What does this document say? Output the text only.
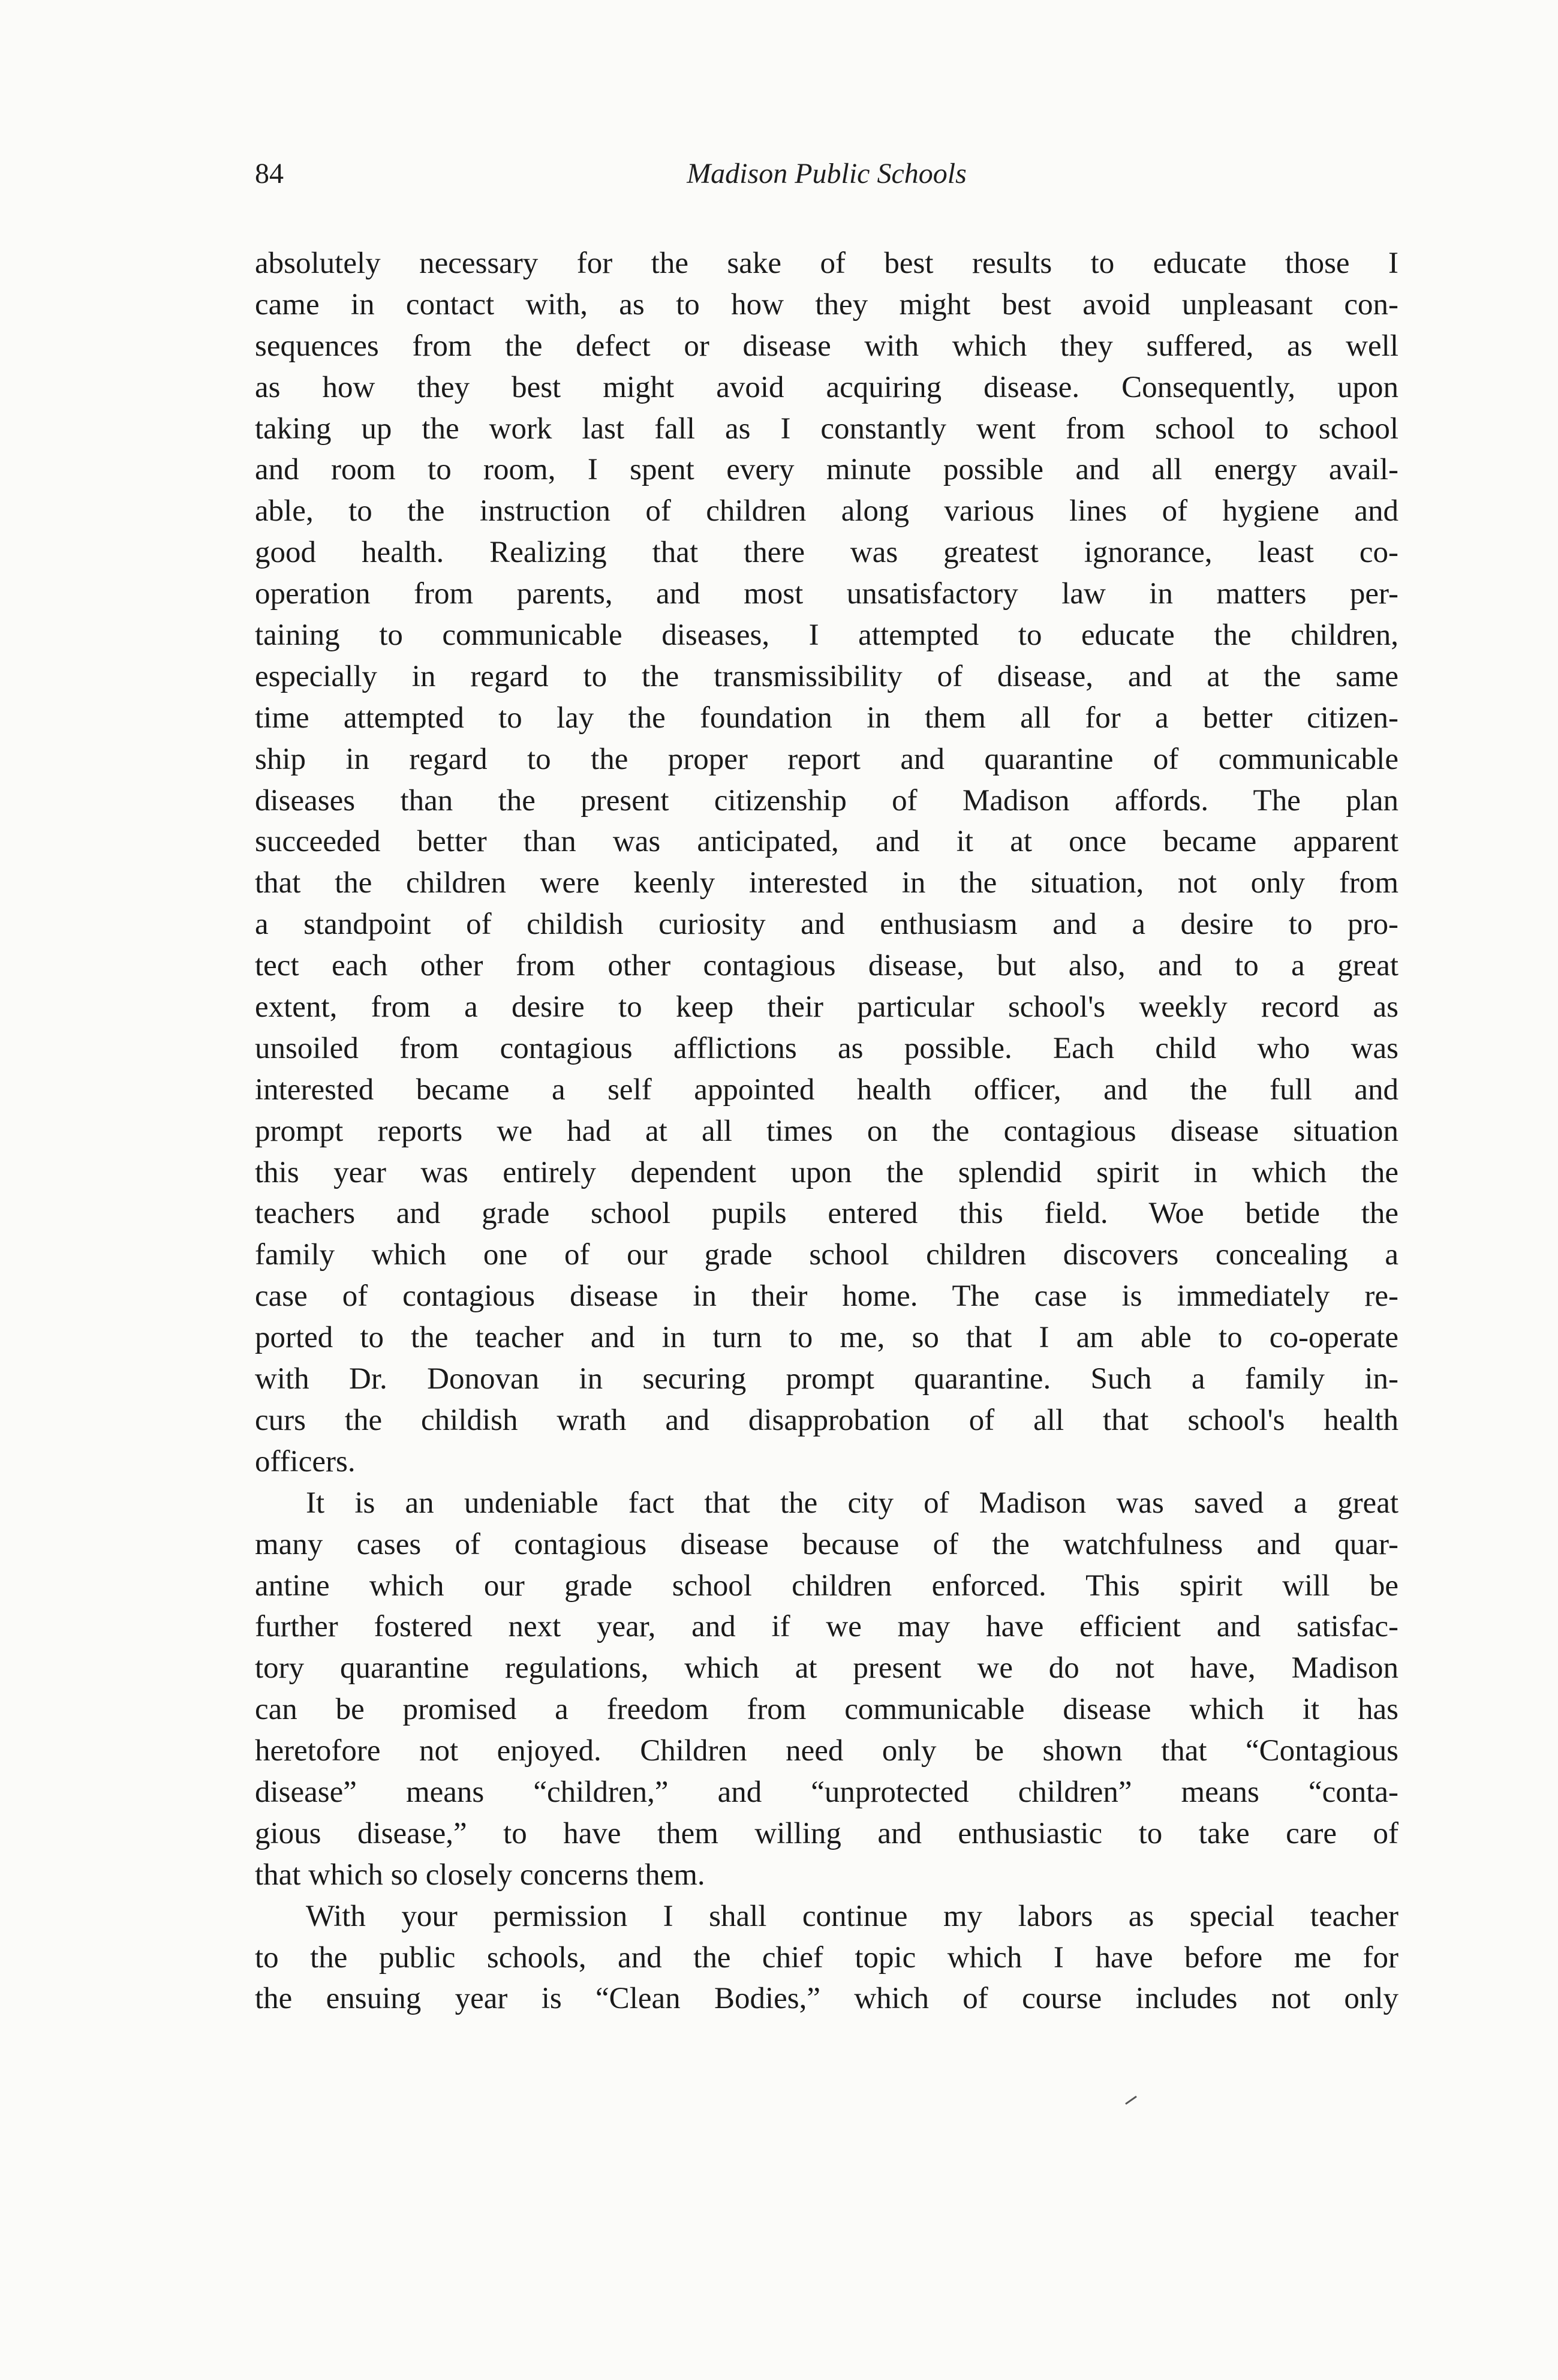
84	Madison Public Schools
absolutely necessary for the sake of best results to educate those I
came in contact with, as to how they might best avoid unpleasant con-
sequences from the defect or disease with which they suffered, as well
as how they best might avoid acquiring disease. Consequently, upon
taking up the work last fall as I constantly went from school to school
and room to room, I spent every minute possible and all energy avail-
able, to the instruction of children along various lines of hygiene and
good health. Realizing that there was greatest ignorance, least co-
operation from parents, and most unsatisfactory law in matters per-
taining to communicable diseases, I attempted to educate the children,
especially in regard to the transmissibility of disease, and at the same
time attempted to lay the foundation in them all for a better citizen-
ship in regard to the proper report and quarantine of communicable
diseases than the present citizenship of Madison affords. The plan
succeeded better than was anticipated, and it at once became apparent
that the children were keenly interested in the situation, not only from
a standpoint of childish curiosity and enthusiasm and a desire to pro-
tect each other from other contagious disease, but also, and to a great
extent, from a desire to keep their particular school's weekly record as
unsoiled from contagious afflictions as possible. Each child who was
interested became a self appointed health officer, and the full and
prompt reports we had at all times on the contagious disease situation
this year was entirely dependent upon the splendid spirit in which the
teachers and grade school pupils entered this field. Woe betide the
family which one of our grade school children discovers concealing a
case of contagious disease in their home. The case is immediately re-
ported to the teacher and in turn to me, so that I am able to co-operate
with Dr. Donovan in securing prompt quarantine. Such a family in-
curs the childish wrath and disapprobation of all that school's health
officers.
It is an undeniable fact that the city of Madison was saved a great
many cases of contagious disease because of the watchfulness and quar-
antine which our grade school children enforced. This spirit will be
further fostered next year, and if we may have efficient and satisfac-
tory quarantine regulations, which at present we do not have, Madison
can be promised a freedom from communicable disease which it has
heretofore not enjoyed. Children need only be shown that “Contagious
disease” means “children,” and “unprotected children” means “conta-
gious disease,” to have them willing and enthusiastic to take care of
that which so closely concerns them.
With your permission I shall continue my labors as special teacher
to the public schools, and the chief topic which I have before me for
the ensuing year is “Clean Bodies,” which of course includes not only
